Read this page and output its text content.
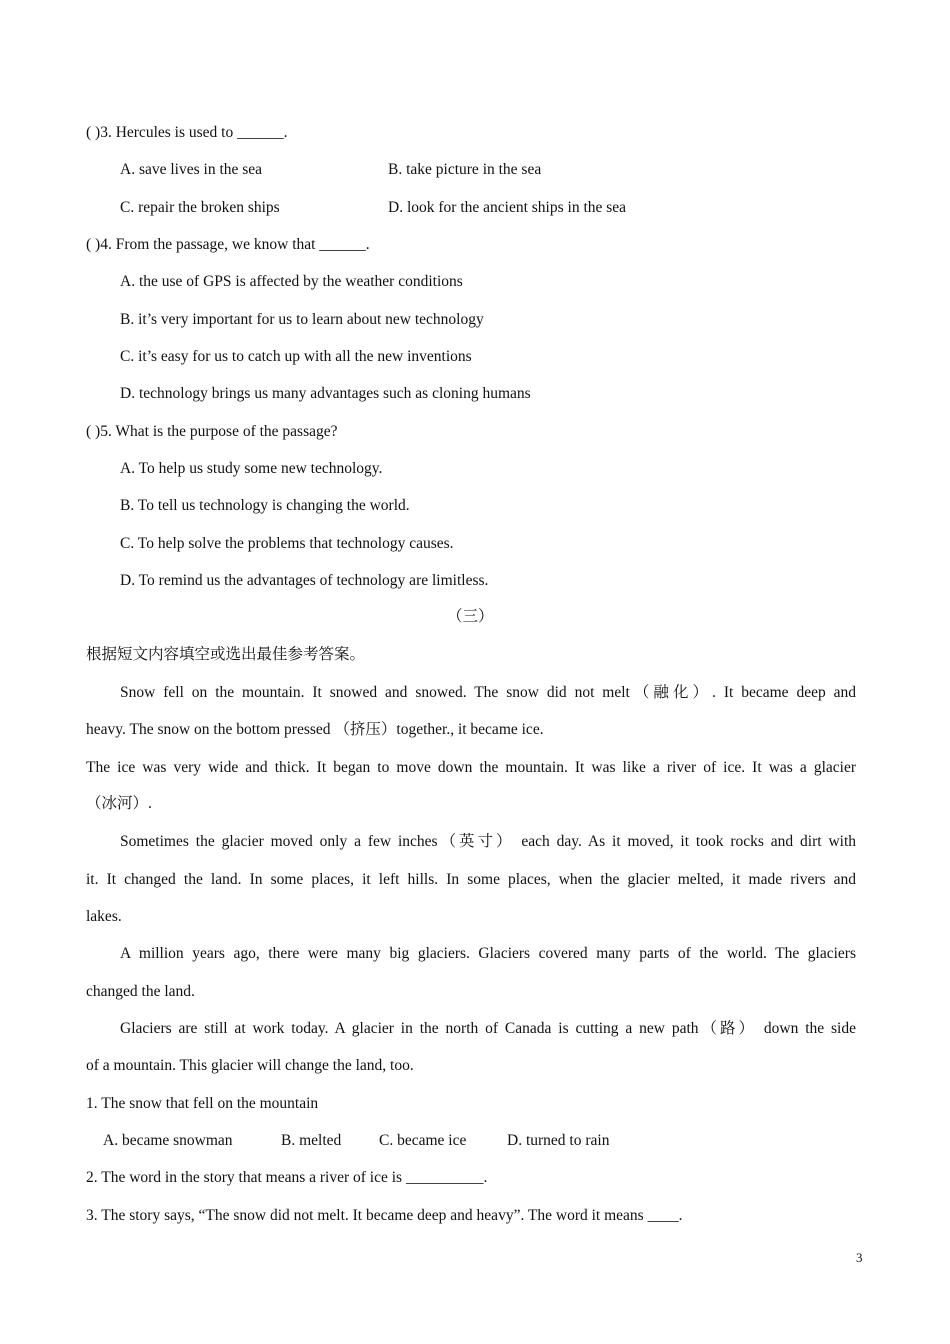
( )3. Hercules is used to ______.
A. save lives in the sea	B. take picture in the sea
C. repair the broken ships	D. look for the ancient ships in the sea
( )4. From the passage, we know that ______.
A. the use of GPS is affected by the weather conditions
B. it’s very important for us to learn about new technology
C. it’s easy for us to catch up with all the new inventions
D. technology brings us many advantages such as cloning humans
( )5. What is the purpose of the passage?
A. To help us study some new technology.
B. To tell us technology is changing the world.
C. To help solve the problems that technology causes.
D. To remind us the advantages of technology are limitless.
（三）
根据短文内容填空或选出最佳参考答案。
Snow fell on the mountain. It snowed and snowed. The snow did not melt（融化）. It became deep and
heavy. The snow on the bottom pressed （挤压）together., it became ice.
The ice was very wide and thick. It began to move down the mountain. It was like a river of ice. It was a glacier
（冰河）.
Sometimes the glacier moved only a few inches（英寸） each day. As it moved, it took rocks and dirt with
it. It changed the land. In some places, it left hills. In some places, when the glacier melted, it made rivers and
lakes.
A million years ago, there were many big glaciers. Glaciers covered many parts of the world. The glaciers
changed the land.
Glaciers are still at work today. A glacier in the north of Canada is cutting a new path（路） down the side
of a mountain. This glacier will change the land, too.
1. The snow that fell on the mountain
A. became snowman	B. melted C. became ice	D. turned to rain
2. The word in the story that means a river of ice is __________.
3. The story says, “The snow did not melt. It became deep and heavy”. The word it means ____.
3
